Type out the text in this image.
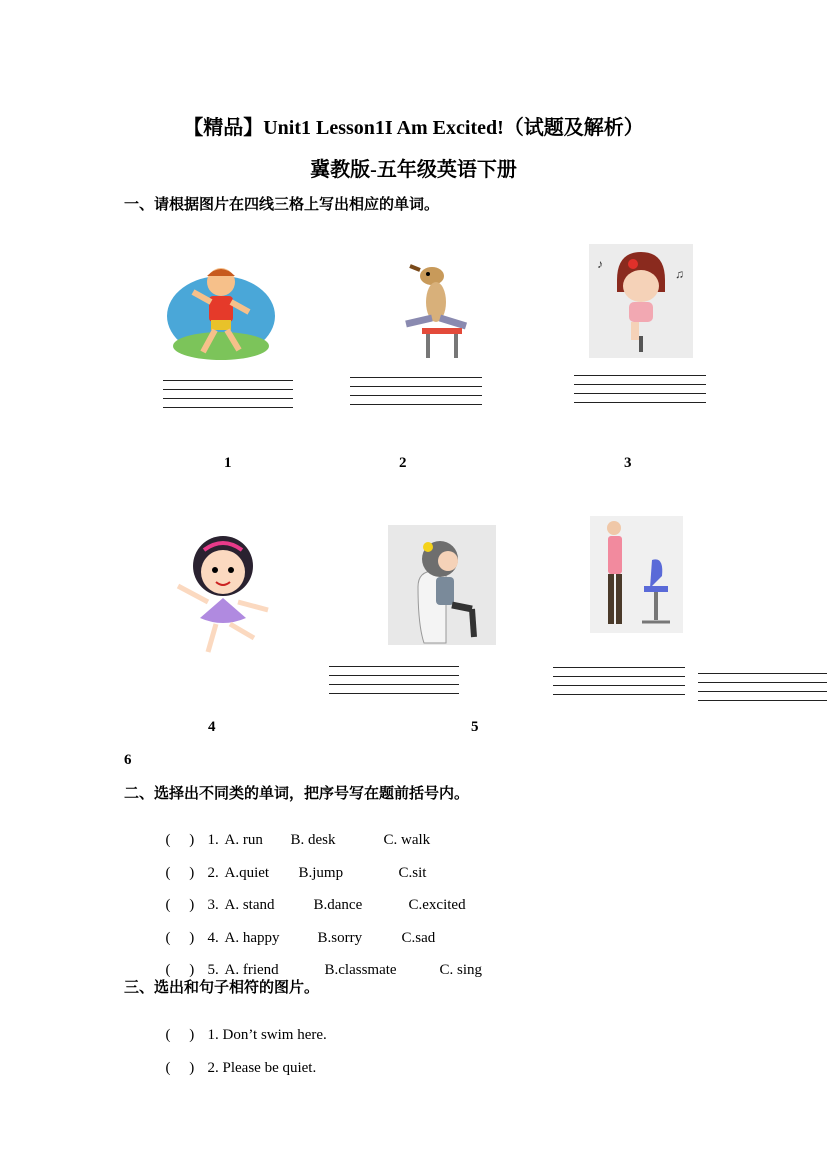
【精品】Unit1 Lesson1I Am Excited!（试题及解析）
冀教版-五年级英语下册
一、请根据图片在四线三格上写出相应的单词。
1	2
♪
♫
3
4	5
6
二、选择出不同类的单词，把序号写在题前括号内。

(     ) 1. A. run B. desk	C. walk

(     ) 2. A.quiet B.jump	C.sit

(     ) 3. A. stand	B.dance	C.excited

(     ) 4. A. happy	B.sorry	C.sad

(     ) 5. A. friend	B.classmate	C. sing

三、选出和句子相符的图片。

(     ) 1. Don’t swim here.

(     ) 2. Please be quiet.
